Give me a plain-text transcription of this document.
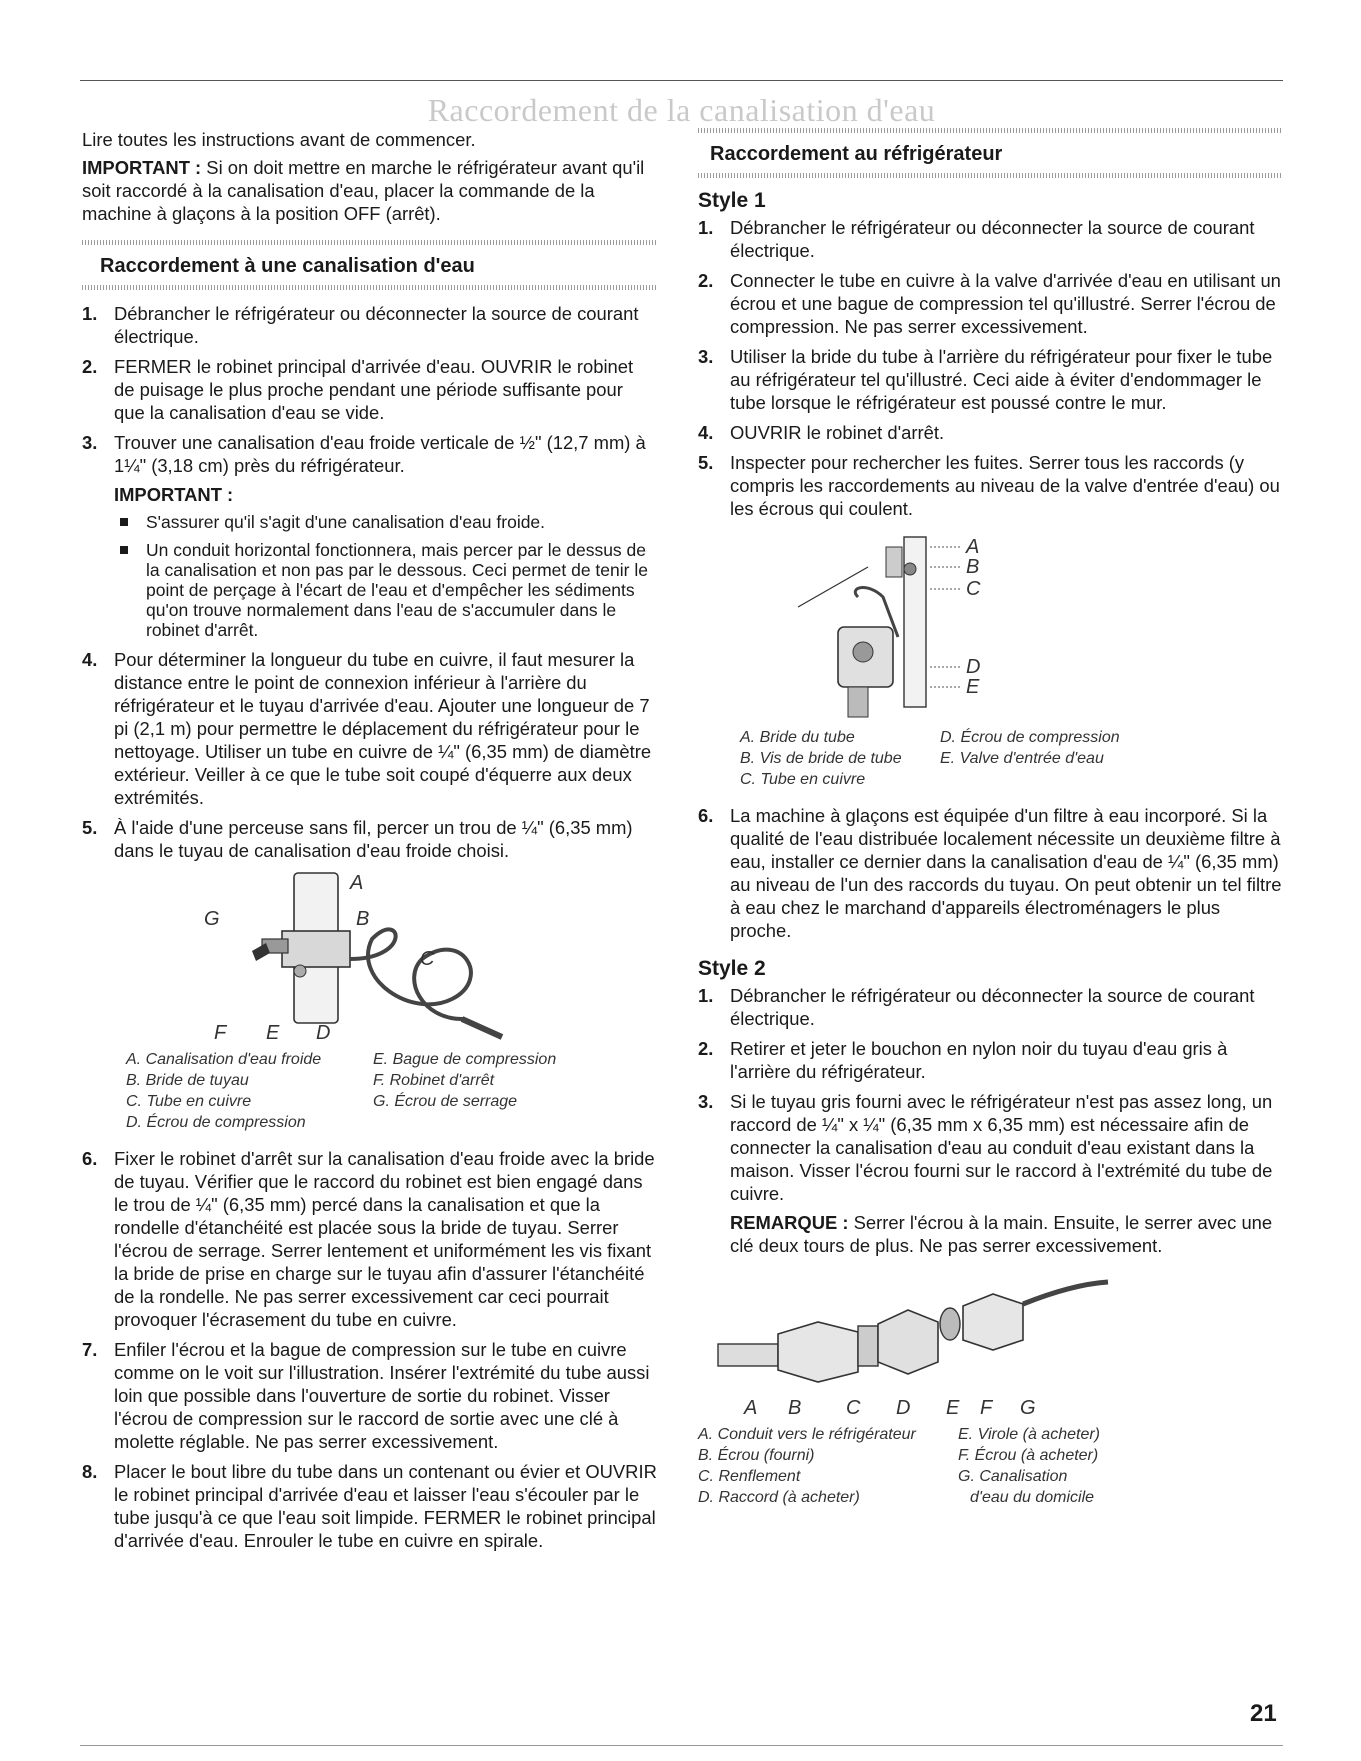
Raccordement de la canalisation d'eau

Lire toutes les instructions avant de commencer.

IMPORTANT : Si on doit mettre en marche le réfrigérateur avant qu'il soit raccordé à la canalisation d'eau, placer la commande de la machine à glaçons à la position OFF (arrêt).

Raccordement à une canalisation d'eau
1. Débrancher le réfrigérateur ou déconnecter la source de courant électrique.
2. FERMER le robinet principal d'arrivée d'eau. OUVRIR le robinet de puisage le plus proche pendant une période suffisante pour que la canalisation d'eau se vide.
3. Trouver une canalisation d'eau froide verticale de ½" (12,7 mm) à 1¼" (3,18 cm) près du réfrigérateur.
IMPORTANT :
S'assurer qu'il s'agit d'une canalisation d'eau froide.
Un conduit horizontal fonctionnera, mais percer par le dessus de la canalisation et non pas par le dessous. Ceci permet de tenir le point de perçage à l'écart de l'eau et d'empêcher les sédiments qu'on trouve normalement dans l'eau de s'accumuler dans le robinet d'arrêt.
4. Pour déterminer la longueur du tube en cuivre, il faut mesurer la distance entre le point de connexion inférieur à l'arrière du réfrigérateur et le tuyau d'arrivée d'eau. Ajouter une longueur de 7 pi (2,1 m) pour permettre le déplacement du réfrigérateur pour le nettoyage. Utiliser un tube en cuivre de ¼" (6,35 mm) de diamètre extérieur. Veiller à ce que le tube soit coupé d'équerre aux deux extrémités.
5. À l'aide d'une perceuse sans fil, percer un trou de ¼" (6,35 mm) dans le tuyau de canalisation d'eau froide choisi.
A
B
C
G
F E D
A. Canalisation d'eau froide
B. Bride de tuyau
C. Tube en cuivre
D. Écrou de compression
E. Bague de compression
F. Robinet d'arrêt
G. Écrou de serrage
6. Fixer le robinet d'arrêt sur la canalisation d'eau froide avec la bride de tuyau. Vérifier que le raccord du robinet est bien engagé dans le trou de ¼" (6,35 mm) percé dans la canalisation et que la rondelle d'étanchéité est placée sous la bride de tuyau. Serrer l'écrou de serrage. Serrer lentement et uniformément les vis fixant la bride de prise en charge sur le tuyau afin d'assurer l'étanchéité de la rondelle. Ne pas serrer excessivement car ceci pourrait provoquer l'écrasement du tube en cuivre.
7. Enfiler l'écrou et la bague de compression sur le tube en cuivre comme on le voit sur l'illustration. Insérer l'extrémité du tube aussi loin que possible dans l'ouverture de sortie du robinet. Visser l'écrou de compression sur le raccord de sortie avec une clé à molette réglable. Ne pas serrer excessivement.
8. Placer le bout libre du tube dans un contenant ou évier et OUVRIR le robinet principal d'arrivée d'eau et laisser l'eau s'écouler par le tube jusqu'à ce que l'eau soit limpide. FERMER le robinet principal d'arrivée d'eau. Enrouler le tube en cuivre en spirale.
Raccordement au réfrigérateur
Style 1
1. Débrancher le réfrigérateur ou déconnecter la source de courant électrique.
2. Connecter le tube en cuivre à la valve d'arrivée d'eau en utilisant un écrou et une bague de compression tel qu'illustré. Serrer l'écrou de compression. Ne pas serrer excessivement.
3. Utiliser la bride du tube à l'arrière du réfrigérateur pour fixer le tube au réfrigérateur tel qu'illustré. Ceci aide à éviter d'endommager le tube lorsque le réfrigérateur est poussé contre le mur.
4. OUVRIR le robinet d'arrêt.
5. Inspecter pour rechercher les fuites. Serrer tous les raccords (y compris les raccordements au niveau de la valve d'entrée d'eau) ou les écrous qui coulent.
A
B
C
D
E
A. Bride du tube
B. Vis de bride de tube
C. Tube en cuivre
D. Écrou de compression
E. Valve d'entrée d'eau
6. La machine à glaçons est équipée d'un filtre à eau incorporé. Si la qualité de l'eau distribuée localement nécessite un deuxième filtre à eau, installer ce dernier dans la canalisation d'eau de ¼" (6,35 mm) au niveau de l'un des raccords du tuyau. On peut obtenir un tel filtre à eau chez le marchand d'appareils électroménagers le plus proche.
Style 2
1. Débrancher le réfrigérateur ou déconnecter la source de courant électrique.
2. Retirer et jeter le bouchon en nylon noir du tuyau d'eau gris à l'arrière du réfrigérateur.
3. Si le tuyau gris fourni avec le réfrigérateur n'est pas assez long, un raccord de ¼" x ¼" (6,35 mm x 6,35 mm) est nécessaire afin de connecter la canalisation d'eau au conduit d'eau existant dans la maison. Visser l'écrou fourni sur le raccord à l'extrémité du tube de cuivre.

REMARQUE : Serrer l'écrou à la main. Ensuite, le serrer avec une clé deux tours de plus. Ne pas serrer excessivement.

A B C D E F G
A. Conduit vers le réfrigérateur
B. Écrou (fourni)
C. Renflement
D. Raccord (à acheter)
E. Virole (à acheter)
F. Écrou (à acheter)
G. Canalisation
d'eau du domicile
21
